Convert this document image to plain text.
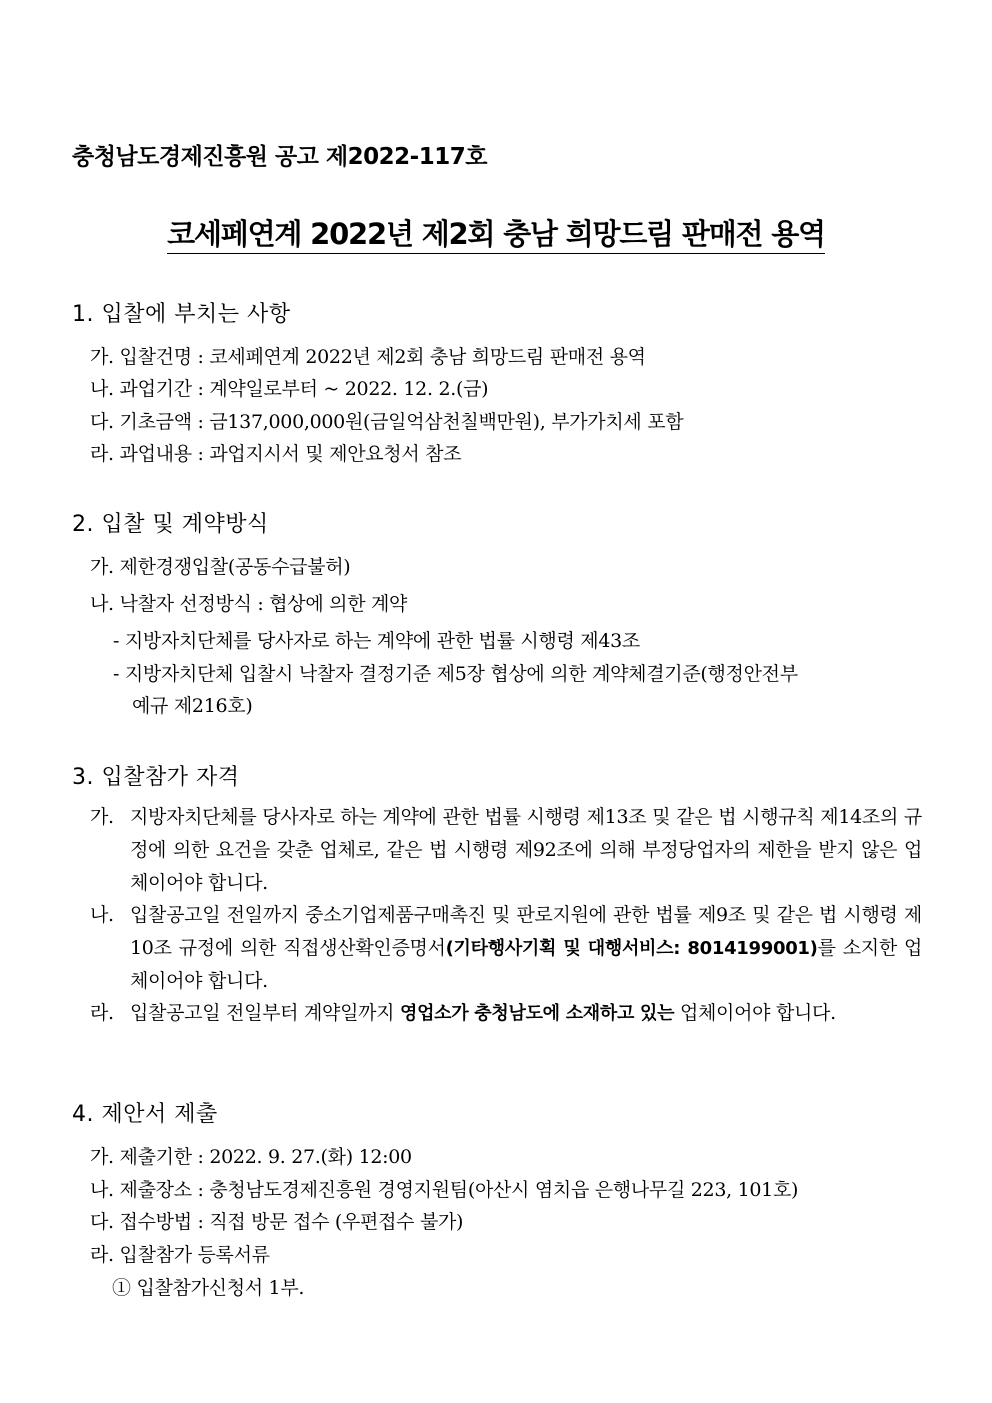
충청남도경제진흥원 공고 제2022-117호
코세페연계 2022년 제2회 충남 희망드림 판매전 용역
1. 입찰에 부치는 사항
가. 입찰건명 : 코세페연계 2022년 제2회 충남 희망드림 판매전 용역
나. 과업기간 : 계약일로부터 ~ 2022. 12. 2.(금)
다. 기초금액 : 금137,000,000원(금일억삼천칠백만원), 부가가치세 포함
라. 과업내용 : 과업지시서 및 제안요청서 참조
2. 입찰 및 계약방식
가. 제한경쟁입찰(공동수급불허)
나. 낙찰자 선정방식 : 협상에 의한 계약
- 지방자치단체를 당사자로 하는 계약에 관한 법률 시행령 제43조
- 지방자치단체 입찰시 낙찰자 결정기준 제5장 협상에 의한 계약체결기준(행정안전부
예규 제216호)
3. 입찰참가 자격
가. 지방자치단체를 당사자로 하는 계약에 관한 법률 시행령 제13조 및 같은 법 시행규칙 제14조의 규정에 의한 요건을 갖춘 업체로, 같은 법 시행령 제92조에 의해 부정당업자의 제한을 받지 않은 업체이어야 합니다.
나. 입찰공고일 전일까지 중소기업제품구매촉진 및 판로지원에 관한 법률 제9조 및 같은 법 시행령 제10조 규정에 의한 직접생산확인증명서(기타행사기획 및 대행서비스: 8014199001)를 소지한 업체이어야 합니다.
라. 입찰공고일 전일부터 계약일까지 영업소가 충청남도에 소재하고 있는 업체이어야 합니다.
4. 제안서 제출
가. 제출기한 : 2022. 9. 27.(화) 12:00
나. 제출장소 : 충청남도경제진흥원 경영지원팀(아산시 염치읍 은행나무길 223, 101호)
다. 접수방법 : 직접 방문 접수 (우편접수 불가)
라. 입찰참가 등록서류
① 입찰참가신청서 1부.
